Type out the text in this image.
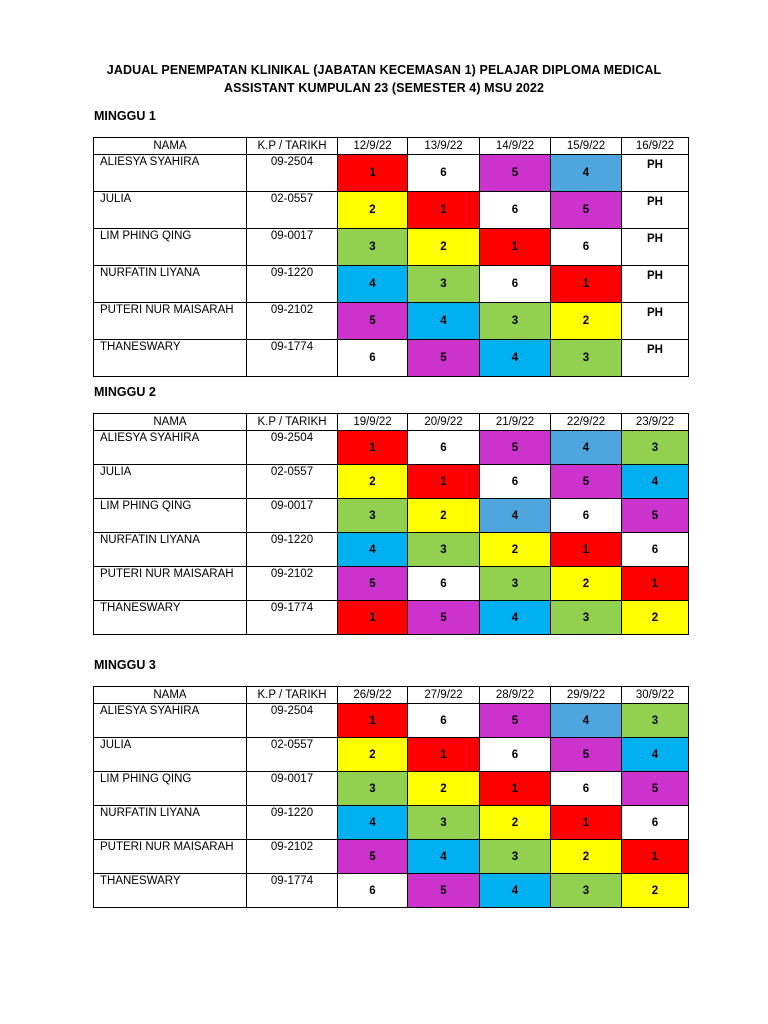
JADUAL PENEMPATAN KLINIKAL (JABATAN KECEMASAN 1) PELAJAR DIPLOMA MEDICAL
ASSISTANT KUMPULAN 23 (SEMESTER 4) MSU 2022
MINGGU 1
NAMA	K.P / TARIKH	12/9/22	13/9/22	14/9/22	15/9/22	16/9/22
ALIESYA SYAHIRA	09-2504	1	6	5	4	PH
JULIA	02-0557	2	1	6	5	PH
LIM PHING QING	09-0017	3	2	1	6	PH
NURFATIN LIYANA	09-1220	4	3	6	1	PH
PUTERI NUR MAISARAH	09-2102	5	4	3	2	PH
THANESWARY	09-1774	6	5	4	3	PH
MINGGU 2
NAMA	K.P / TARIKH	19/9/22	20/9/22	21/9/22	22/9/22	23/9/22
ALIESYA SYAHIRA	09-2504	1	6	5	4	3
JULIA	02-0557	2	1	6	5	4
LIM PHING QING	09-0017	3	2	4	6	5
NURFATIN LIYANA	09-1220	4	3	2	1	6
PUTERI NUR MAISARAH	09-2102	5	6	3	2	1
THANESWARY	09-1774	1	5	4	3	2
MINGGU 3
NAMA	K.P / TARIKH	26/9/22	27/9/22	28/9/22	29/9/22	30/9/22
ALIESYA SYAHIRA	09-2504	1	6	5	4	3
JULIA	02-0557	2	1	6	5	4
LIM PHING QING	09-0017	3	2	1	6	5
NURFATIN LIYANA	09-1220	4	3	2	1	6
PUTERI NUR MAISARAH	09-2102	5	4	3	2	1
THANESWARY	09-1774	6	5	4	3	2
